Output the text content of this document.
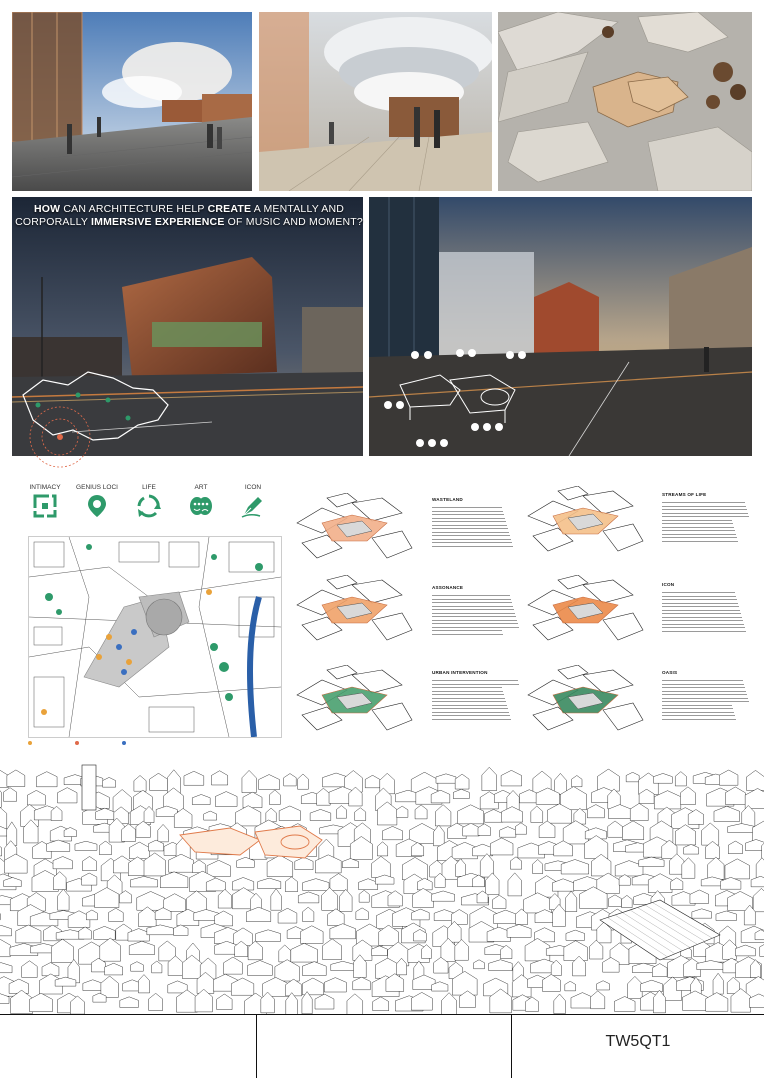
HOW CAN ARCHITECTURE HELP CREATE A MENTALLY AND
CORPORALLY IMMERSIVE EXPERIENCE OF MUSIC AND MOMENT?
INTIMACY	GENIUS LOCI	LIFE	ART	ICON

WASTELAND
STREAMS OF LIFE
ASSONANCE
ICON
URBAN INTERVENTION	OASIS
TW5QT1
